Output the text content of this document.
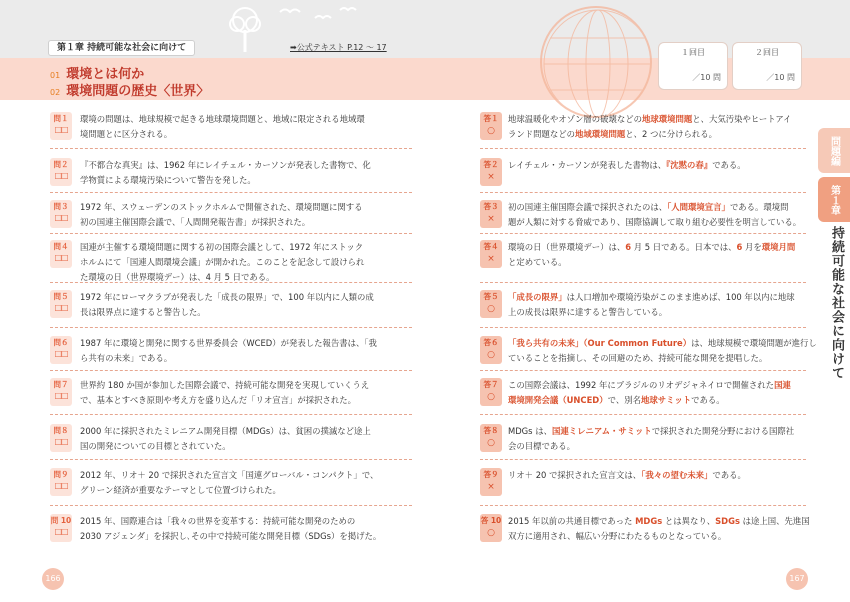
第１章 持続可能な社会に向けて	➡公式テキスト P.12 ～ 17
01 環境とは何か
02 環境問題の歴史〈世界〉
１回目
／10 問
２回目
／10 問
問題編
第１章
持続可能な社会に向けて
問１
□□
環境の問題は、地球規模で起きる地球環境問題と、地域に限定される地域環
境問題とに区分される。
問２
□□
『不都合な真実』は、1962 年にレイチェル・カーソンが発表した書物で、化
学物質による環境汚染について警告を発した。
問３
□□
1972 年、スウェーデンのストックホルムで開催された、環境問題に関する
初の国連主催国際会議で、「人間開発報告書」が採択された。
問４
□□
国連が主催する環境問題に関する初の国際会議として、1972 年にストック
ホルムにて「国連人間環境会議」が開かれた。このことを記念して設けられ
た環境の日（世界環境デー）は、4 月 5 日である。
問５
□□
1972 年にローマクラブが発表した「成長の限界」で、100 年以内に人類の成
長は限界点に達すると警告した。
問６
□□
1987 年に環境と開発に関する世界委員会（WCED）が発表した報告書は、「我
ら共有の未来」である。
問７
□□
世界約 180 か国が参加した国際会議で、持続可能な開発を実現していくうえ
で、基本とすべき原則や考え方を盛り込んだ「リオ宣言」が採択された。
問８
□□
2000 年に採択されたミレニアム開発目標（MDGs）は、貧困の撲滅など途上
国の開発についての目標とされていた。
問９
□□
2012 年、リオ＋ 20 で採択された宣言文「国連グローバル・コンパクト」で、
グリーン経済が重要なテーマとして位置づけられた。
問 10
□□
2015 年、国際連合は「我々の世界を変革する：持続可能な開発のための
2030 アジェンダ」を採択し､その中で持続可能な開発目標（SDGs）を掲げた。
答１
○
地球温暖化やオゾン層の破壊などの地球環境問題と、大気汚染やヒートアイ
ランド問題などの地域環境問題と、2 つに分けられる。
答２
×
レイチェル・カーソンが発表した書物は、『沈黙の春』である。
答３
×
初の国連主催国際会議で採択されたのは、「人間環境宣言」である。環境問
題が人類に対する脅威であり、国際協調して取り組む必要性を明言している。
答４
×
環境の日（世界環境デー）は、6 月 5 日である。日本では、6 月を環境月間
と定めている。
答５
○
「成長の限界」は人口増加や環境汚染がこのまま進めば、100 年以内に地球
上の成長は限界に達すると警告している。
答６
○
「我ら共有の未来」（Our Common Future）は、地球規模で環境問題が進行し
ていることを指摘し、その回避のため、持続可能な開発を提唱した。
答７
○
この国際会議は、1992 年にブラジルのリオデジャネイロで開催された国連
環境開発会議（UNCED）で、別名地球サミットである。
答８
○
MDGs は、国連ミレニアム・サミットで採択された開発分野における国際社
会の目標である。
答９
×
リオ＋ 20 で採択された宣言文は、「我々の望む未来」である。
答 10
○
2015 年以前の共通目標であった MDGs とは異なり、SDGs は途上国、先進国
双方に適用され、幅広い分野にわたるものとなっている。
166	167
